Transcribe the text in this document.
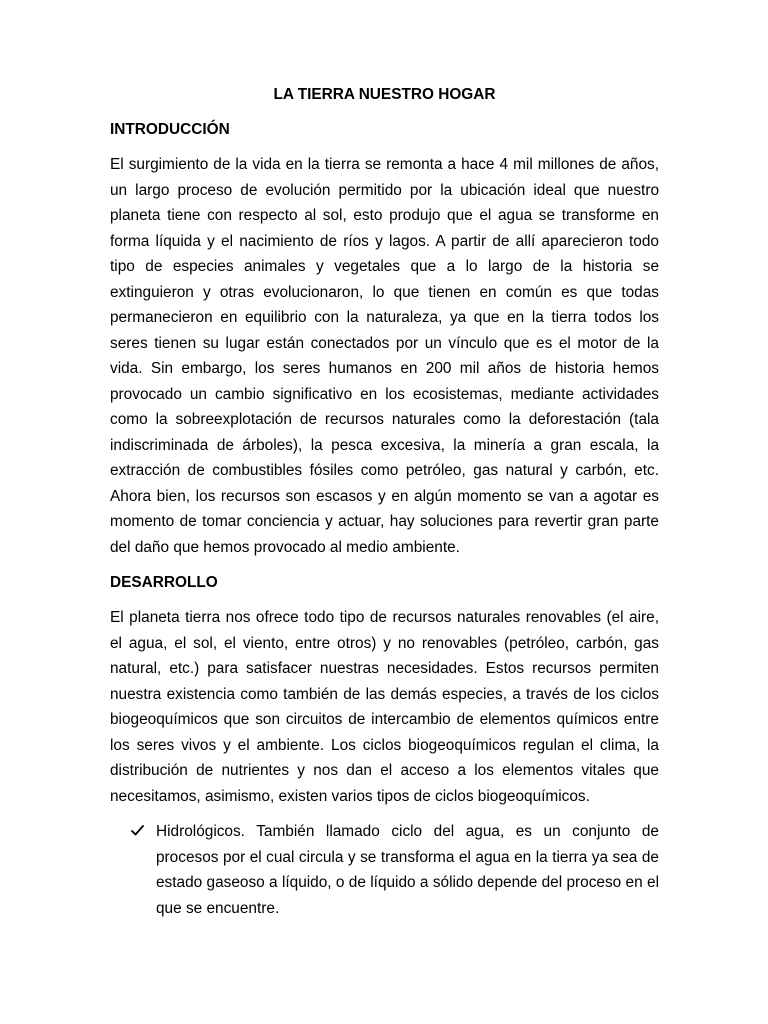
LA TIERRA NUESTRO HOGAR
INTRODUCCIÓN

El surgimiento de la vida en la tierra se remonta a hace 4 mil millones de años, un largo proceso de evolución permitido por la ubicación ideal que nuestro planeta tiene con respecto al sol, esto produjo que el agua se transforme en forma líquida y el nacimiento de ríos y lagos. A partir de allí aparecieron todo tipo de especies animales y vegetales que a lo largo de la historia se extinguieron y otras evolucionaron, lo que tienen en común es que todas permanecieron en equilibrio con la naturaleza, ya que en la tierra todos los seres tienen su lugar están conectados por un vínculo que es el motor de la vida. Sin embargo, los seres humanos en 200 mil años de historia hemos provocado un cambio significativo en los ecosistemas, mediante actividades como la sobreexplotación de recursos naturales como la deforestación (tala indiscriminada de árboles), la pesca excesiva, la minería a gran escala, la extracción de combustibles fósiles como petróleo, gas natural y carbón, etc. Ahora bien, los recursos son escasos y en algún momento se van a agotar es momento de tomar conciencia y actuar, hay soluciones para revertir gran parte del daño que hemos provocado al medio ambiente.

DESARROLLO

El planeta tierra nos ofrece todo tipo de recursos naturales renovables (el aire, el agua, el sol, el viento, entre otros) y no renovables (petróleo, carbón, gas natural, etc.) para satisfacer nuestras necesidades. Estos recursos permiten nuestra existencia como también de las demás especies, a través de los ciclos biogeoquímicos que son circuitos de intercambio de elementos químicos entre los seres vivos y el ambiente. Los ciclos biogeoquímicos regulan el clima, la distribución de nutrientes y nos dan el acceso a los elementos vitales que necesitamos, asimismo, existen varios tipos de ciclos biogeoquímicos.

Hidrológicos. También llamado ciclo del agua, es un conjunto de procesos por el cual circula y se transforma el agua en la tierra ya sea de estado gaseoso a líquido, o de líquido a sólido depende del proceso en el que se encuentre.
